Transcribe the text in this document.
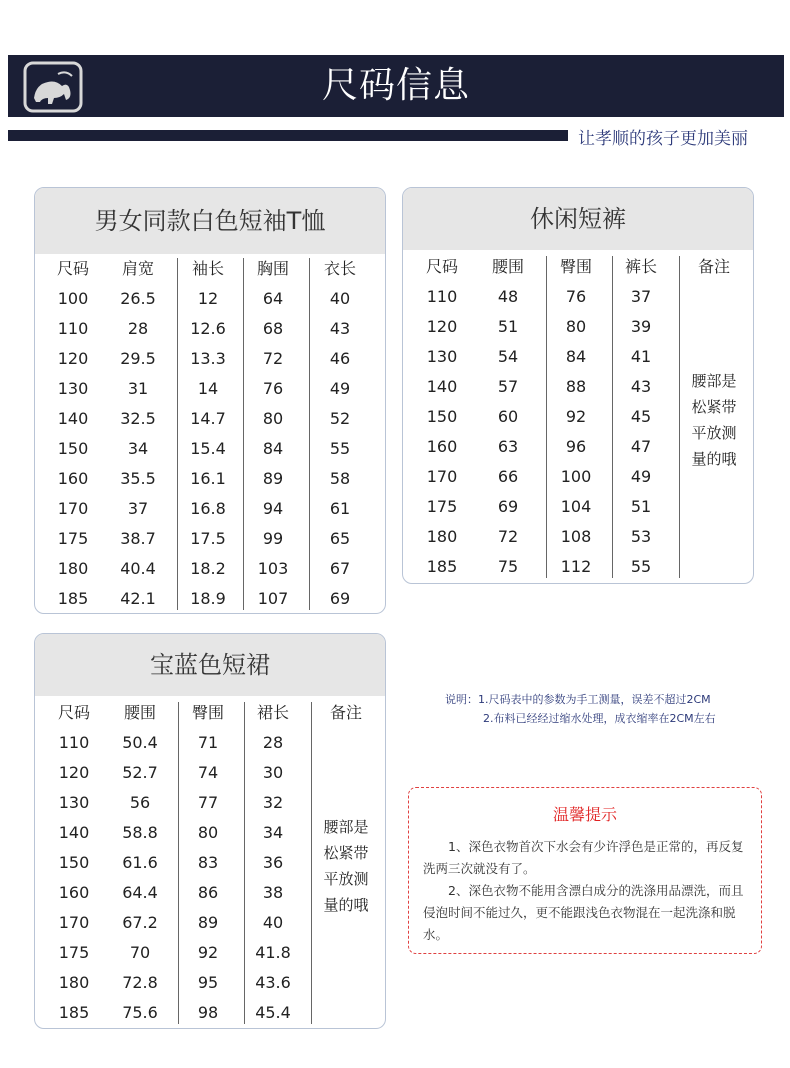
尺码信息
让孝顺的孩子更加美丽
男女同款白色短袖T恤
尺码	肩宽	袖长	胸围	衣长
100	26.5	12	64	40
110	28	12.6	68	43
120	29.5	13.3	72	46
130	31	14	76	49
140	32.5	14.7	80	52
150	34	15.4	84	55
160	35.5	16.1	89	58
170	37	16.8	94	61
175	38.7	17.5	99	65
180	40.4	18.2	103	67
185	42.1	18.9	107	69
休闲短裤
尺码	腰围	臀围	裤长	备注
110	48	76	37
120	51	80	39
130	54	84	41
140	57	88	43
150	60	92	45
160	63	96	47
170	66	100	49
175	69	104	51
180	72	108	53
185	75	112	55
腰部是
松紧带
平放测
量的哦
宝蓝色短裙
尺码	腰围	臀围	裙长	备注
110	50.4	71	28
120	52.7	74	30
130	56	77	32
140	58.8	80	34
150	61.6	83	36
160	64.4	86	38
170	67.2	89	40
175	70	92	41.8
180	72.8	95	43.6
185	75.6	98	45.4
腰部是
松紧带
平放测
量的哦
说明：1.尺码表中的参数为手工测量，误差不超过2CM
2.布料已经经过缩水处理，成衣缩率在2CM左右
温馨提示

1、深色衣物首次下水会有少许浮色是正常的，再反复洗两三次就没有了。

2、深色衣物不能用含漂白成分的洗涤用品漂洗，而且侵泡时间不能过久，更不能跟浅色衣物混在一起洗涤和脱水。
